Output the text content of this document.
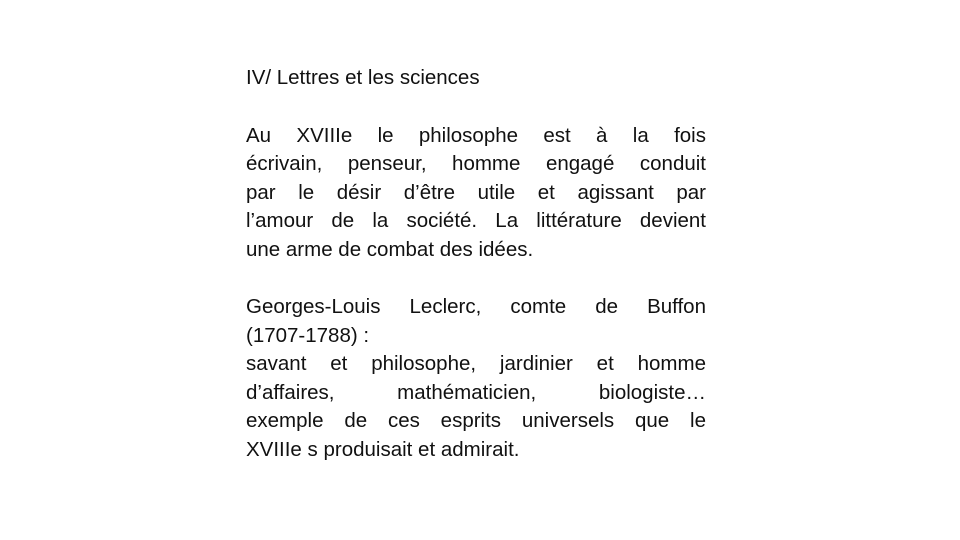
IV/ Lettres et les sciences

Au XVIIIe le philosophe est à la fois
écrivain, penseur, homme engagé conduit
par le désir d’être utile et agissant par
l’amour de la société. La littérature devient
une arme de combat des idées.

Georges-Louis Leclerc, comte de Buffon
(1707-1788) :
savant et philosophe, jardinier et homme
d’affaires, mathématicien, biologiste…
exemple de ces esprits universels que le
XVIIIe s produisait et admirait.
